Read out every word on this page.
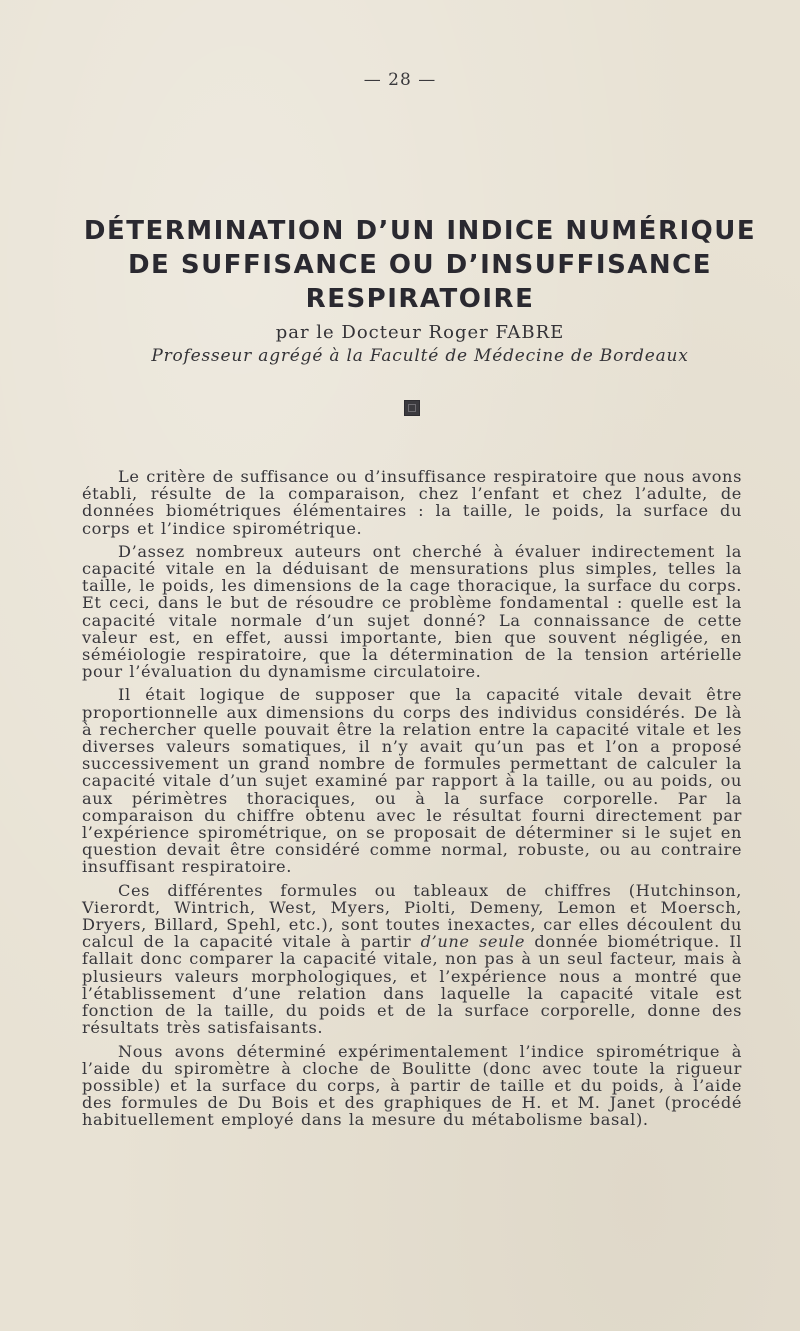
— 28 —
DÉTERMINATION D’UN INDICE NUMÉRIQUE
DE SUFFISANCE OU D’INSUFFISANCE
RESPIRATOIRE
par le Docteur Roger FABRE
Professeur agrégé à la Faculté de Médecine de Bordeaux

Le critère de suffisance ou d’insuffisance respiratoire que nous avons établi, résulte de la comparaison, chez l’enfant et chez l’adulte, de données biométriques élémentaires : la taille, le poids, la surface du corps et l’indice spirométrique.

D’assez nombreux auteurs ont cherché à évaluer indirectement la capacité vitale en la déduisant de mensurations plus simples, telles la taille, le poids, les dimensions de la cage thoracique, la surface du corps. Et ceci, dans le but de résoudre ce problème fondamental : quelle est la capacité vitale normale d’un sujet donné? La connaissance de cette valeur est, en effet, aussi importante, bien que souvent négligée, en séméiologie respiratoire, que la détermination de la tension artérielle pour l’évaluation du dynamisme circulatoire.

Il était logique de supposer que la capacité vitale devait être proportionnelle aux dimensions du corps des individus considérés. De là à rechercher quelle pouvait être la relation entre la capacité vitale et les diverses valeurs somatiques, il n’y avait qu’un pas et l’on a proposé successivement un grand nombre de formules permettant de calculer la capacité vitale d’un sujet examiné par rapport à la taille, ou au poids, ou aux périmètres thoraciques, ou à la surface corporelle. Par la comparaison du chiffre obtenu avec le résultat fourni directement par l’expérience spirométrique, on se proposait de déterminer si le sujet en question devait être considéré comme normal, robuste, ou au contraire insuffisant respiratoire.

Ces différentes formules ou tableaux de chiffres (Hutchinson, Vierordt, Wintrich, West, Myers, Piolti, Demeny, Lemon et Moersch, Dryers, Billard, Spehl, etc.), sont toutes inexactes, car elles découlent du calcul de la capacité vitale à partir d’une seule donnée biométrique. Il fallait donc comparer la capacité vitale, non pas à un seul facteur, mais à plusieurs valeurs morphologiques, et l’expérience nous a montré que l’établissement d’une relation dans laquelle la capacité vitale est fonction de la taille, du poids et de la surface corporelle, donne des résultats très satisfaisants.

Nous avons déterminé expérimentalement l’indice spirométrique à l’aide du spiromètre à cloche de Boulitte (donc avec toute la rigueur possible) et la surface du corps, à partir de taille et du poids, à l’aide des formules de Du Bois et des graphiques de H. et M. Janet (procédé habituellement employé dans la mesure du métabolisme basal).
